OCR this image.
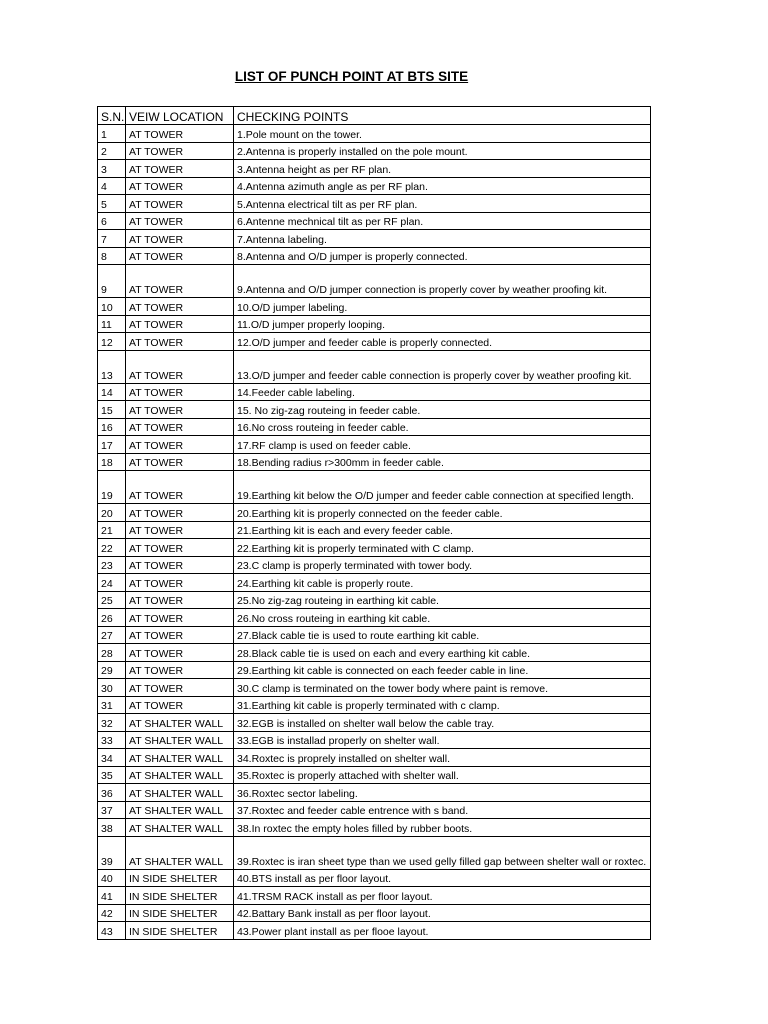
LIST OF PUNCH POINT AT BTS SITE
S.N.	VEIW LOCATION	CHECKING POINTS
1	AT TOWER	1.Pole mount on the tower.
2	AT TOWER	2.Antenna is properly installed on the pole mount.
3	AT TOWER	3.Antenna height as per RF plan.
4	AT TOWER	4.Antenna azimuth angle as per RF plan.
5	AT TOWER	5.Antenna electrical tilt as per RF plan.
6	AT TOWER	6.Antenne mechnical tilt as per RF plan.
7	AT TOWER	7.Antenna labeling.
8	AT TOWER	8.Antenna and O/D jumper is properly connected.
9	AT TOWER	9.Antenna and O/D jumper connection is properly cover by weather proofing kit.
10	AT TOWER	10.O/D jumper labeling.
11	AT TOWER	11.O/D jumper properly looping.
12	AT TOWER	12.O/D jumper and feeder cable is properly connected.
13	AT TOWER	13.O/D jumper and feeder cable connection is properly cover by weather proofing kit.
14	AT TOWER	14.Feeder cable labeling.
15	AT TOWER	15. No zig-zag routeing in feeder cable.
16	AT TOWER	16.No cross routeing in feeder cable.
17	AT TOWER	17.RF clamp is used on feeder cable.
18	AT TOWER	18.Bending radius r>300mm in feeder cable.
19	AT TOWER	19.Earthing kit below the O/D jumper and feeder cable connection at specified length.
20	AT TOWER	20.Earthing kit is properly connected on the feeder cable.
21	AT TOWER	21.Earthing kit is each and every feeder cable.
22	AT TOWER	22.Earthing kit is properly terminated with C clamp.
23	AT TOWER	23.C clamp is properly terminated with tower body.
24	AT TOWER	24.Earthing kit cable is properly route.
25	AT TOWER	25.No zig-zag routeing in earthing kit cable.
26	AT TOWER	26.No cross routeing in earthing kit cable.
27	AT TOWER	27.Black cable tie is used to route earthing kit cable.
28	AT TOWER	28.Black cable tie is used on each and every earthing kit cable.
29	AT TOWER	29.Earthing kit cable is connected on each feeder cable in line.
30	AT TOWER	30.C clamp is terminated on the tower body where paint is remove.
31	AT TOWER	31.Earthing kit cable is properly terminated with c clamp.
32	AT SHALTER WALL	32.EGB is installed on shelter wall below the cable tray.
33	AT SHALTER WALL	33.EGB is installad properly on shelter wall.
34	AT SHALTER WALL	34.Roxtec is proprely installed on shelter wall.
35	AT SHALTER WALL	35.Roxtec is properly attached with shelter wall.
36	AT SHALTER WALL	36.Roxtec sector labeling.
37	AT SHALTER WALL	37.Roxtec and feeder cable entrence with s band.
38	AT SHALTER WALL	38.In roxtec the empty holes filled by rubber boots.
39	AT SHALTER WALL	39.Roxtec is iran sheet type than we used gelly filled gap between shelter wall or roxtec.
40	IN SIDE SHELTER	40.BTS install as per floor layout.
41	IN SIDE SHELTER	41.TRSM RACK install as per floor layout.
42	IN SIDE SHELTER	42.Battary Bank install as per floor layout.
43	IN SIDE SHELTER	43.Power plant install as per flooe layout.
